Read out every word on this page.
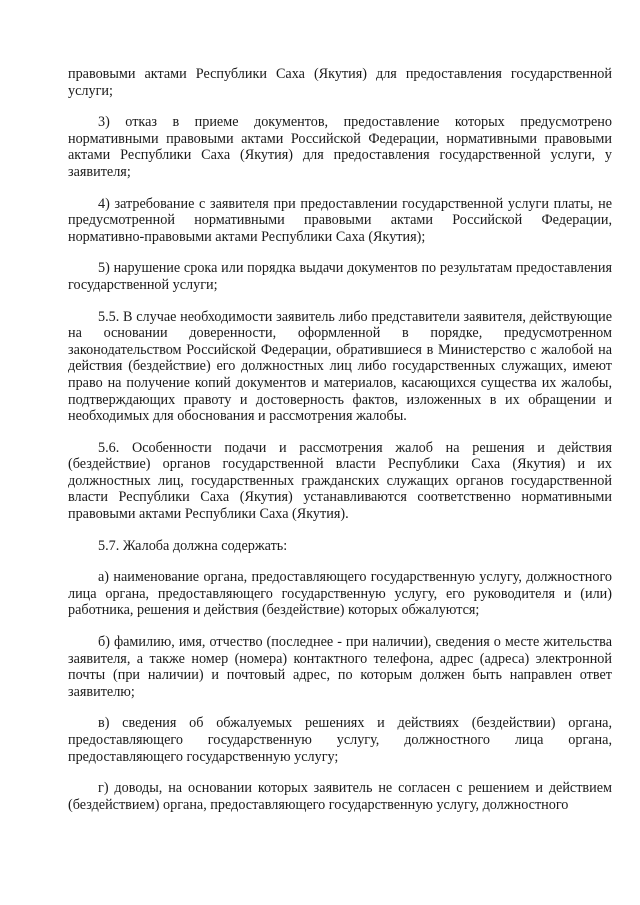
правовыми актами Республики Саха (Якутия) для предоставления государственной услуги;

3) отказ в приеме документов, предоставление которых предусмотрено нормативными правовыми актами Российской Федерации, нормативными правовыми актами Республики Саха (Якутия) для предоставления государственной услуги, у заявителя;

4) затребование с заявителя при предоставлении государственной услуги платы, не предусмотренной нормативными правовыми актами Российской Федерации, нормативно-правовыми актами Республики Саха (Якутия);

5) нарушение срока или порядка выдачи документов по результатам предоставления государственной услуги;

5.5. В случае необходимости заявитель либо представители заявителя, действующие на основании доверенности, оформленной в порядке, предусмотренном законодательством Российской Федерации, обратившиеся в Министерство с жалобой на действия (бездействие) его должностных лиц либо государственных служащих, имеют право на получение копий документов и материалов, касающихся существа их жалобы, подтверждающих правоту и достоверность фактов, изложенных в их обращении и необходимых для обоснования и рассмотрения жалобы.

5.6. Особенности подачи и рассмотрения жалоб на решения и действия (бездействие) органов государственной власти Республики Саха (Якутия) и их должностных лиц, государственных гражданских служащих органов государственной власти Республики Саха (Якутия) устанавливаются соответственно нормативными правовыми актами Республики Саха (Якутия).

5.7. Жалоба должна содержать:

а) наименование органа, предоставляющего государственную услугу, должностного лица органа, предоставляющего государственную услугу, его руководителя и (или) работника, решения и действия (бездействие) которых обжалуются;

б) фамилию, имя, отчество (последнее - при наличии), сведения о месте жительства заявителя, а также номер (номера) контактного телефона, адрес (адреса) электронной почты (при наличии) и почтовый адрес, по которым должен быть направлен ответ заявителю;

в) сведения об обжалуемых решениях и действиях (бездействии) органа, предоставляющего государственную услугу, должностного лица органа, предоставляющего государственную услугу;

г) доводы, на основании которых заявитель не согласен с решением и действием (бездействием) органа, предоставляющего государственную услугу, должностного
